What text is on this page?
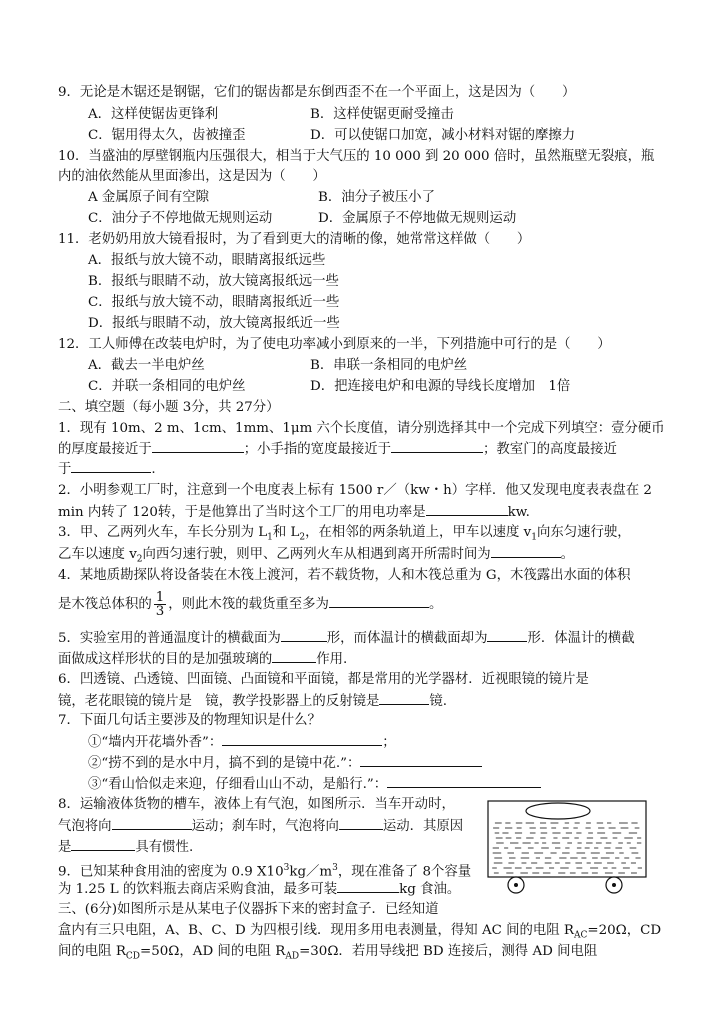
9．无论是木锯还是钢锯，它们的锯齿都是东倒西歪不在一个平面上，这是因为（　　）
A．这样使锯齿更锋利	B．这样使锯更耐受撞击
C．锯用得太久，齿被撞歪	D．可以使锯口加宽，减小材料对锯的摩擦力
10．当盛油的厚壁钢瓶内压强很大，相当于大气压的 10 000 到 20 000 倍时，虽然瓶壁无裂痕，瓶
内的油依然能从里面渗出，这是因为（　　）
A 金属原子间有空隙	B．油分子被压小了
C．油分子不停地做无规则运动	D．金属原子不停地做无规则运动
11．老奶奶用放大镜看报时，为了看到更大的清晰的像，她常常这样做（　　）
A．报纸与放大镜不动，眼睛离报纸远些
B．报纸与眼睛不动，放大镜离报纸远一些
C．报纸与放大镜不动，眼睛离报纸近一些
D．报纸与眼睛不动，放大镜离报纸近一些
12．工人师傅在改装电炉时，为了使电功率减小到原来的一半，下列措施中可行的是（　　）
A．截去一半电炉丝	B．串联一条相同的电炉丝
C．并联一条相同的电炉丝	D．把连接电炉和电源的导线长度增加　1倍
二、填空题（每小题 3分，共 27分）
1．现有 10m、2 m、1cm、1mm、1μm 六个长度值，请分别选择其中一个完成下列填空：壹分硬币
的厚度最接近于	；小手指的宽度最接近于	；教室门的高度最接近
于	.
2．小明参观工厂时，注意到一个电度表上标有 1500 r／（kw・h）字样．他又发现电度表表盘在 2
min 内转了 120转，于是他算出了当时这个工厂的用电功率是	kw.
3．甲、乙两列火车，车长分别为 $L_1$和 $L_2$，在相邻的两条轨道上，甲车以速度 $v_1$向东匀速行驶，
乙车以速度 $v_2$向西匀速行驶，则甲、乙两列火车从相遇到离开所需时间为	。
4．某地质勘探队将设备装在木筏上渡河，若不载货物，人和木筏总重为 G，木筏露出水面的体积
是木筏总体积的 $\frac{1}{3}$ ，则此木筏的载货重至多为	。
5．实验室用的普通温度计的横截面为	形，而体温计的横截面却为	形．体温计的横截
面做成这样形状的目的是加强玻璃的	作用.
6．凹透镜、凸透镜、凹面镜、凸面镜和平面镜，都是常用的光学器材．近视眼镜的镜片是
镜，老花眼镜的镜片是　镜，教学投影器上的反射镜是	镜.
7．下面几句话主要涉及的物理知识是什么？
①“墙内开花墙外香”：	；
②“捞不到的是水中月，搞不到的是镜中花.”：
③“看山恰似走来迎，仔细看山山不动，是船行.”：
8．运输液体货物的槽车，液体上有气泡，如图所示．当车开动时，
气泡将向	运动；刹车时，气泡将向	运动．其原因
是	具有惯性.
9．已知某种食用油的密度为 0.9 $X10^3kg/m^3$，现在准备了 8个容量
为 1.25 L 的饮料瓶去商店采购食油，最多可装	kg 食油。
三、(6分)如图所示是从某电子仪器拆下来的密封盒子．已经知道
盒内有三只电阻，A、B、C、D 为四根引线．现用多用电表测量，得知 AC 间的电阻 $R_{AC}=20\Omega$，CD
间的电阻 $R_{CD}=50\Omega$，AD 间的电阻 $R_{AD}=30\Omega$．若用导线把 BD 连接后，测得 AD 间电阻
